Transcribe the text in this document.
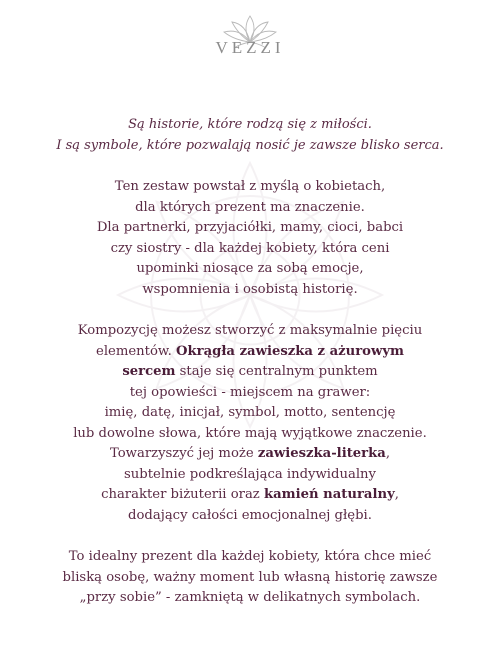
VEZZI

Są historie, które rodzą się z miłości.
I są symbole, które pozwalają nosić je zawsze blisko serca.

Ten zestaw powstał z myślą o kobietach,
dla których prezent ma znaczenie.
Dla partnerki, przyjaciółki, mamy, cioci, babci
czy siostry - dla każdej kobiety, która ceni
upominki niosące za sobą emocje,
wspomnienia i osobistą historię.

Kompozycję możesz stworzyć z maksymalnie pięciu
elementów. Okrągła zawieszka z ażurowym
sercem staje się centralnym punktem
tej opowieści - miejscem na grawer:
imię, datę, inicjał, symbol, motto, sentencję
lub dowolne słowa, które mają wyjątkowe znaczenie.
Towarzyszyć jej może zawieszka-literka,
subtelnie podkreślająca indywidualny
charakter biżuterii oraz kamień naturalny,
dodający całości emocjonalnej głębi.

To idealny prezent dla każdej kobiety, która chce mieć
bliską osobę, ważny moment lub własną historię zawsze
„przy sobie” - zamkniętą w delikatnych symbolach.
